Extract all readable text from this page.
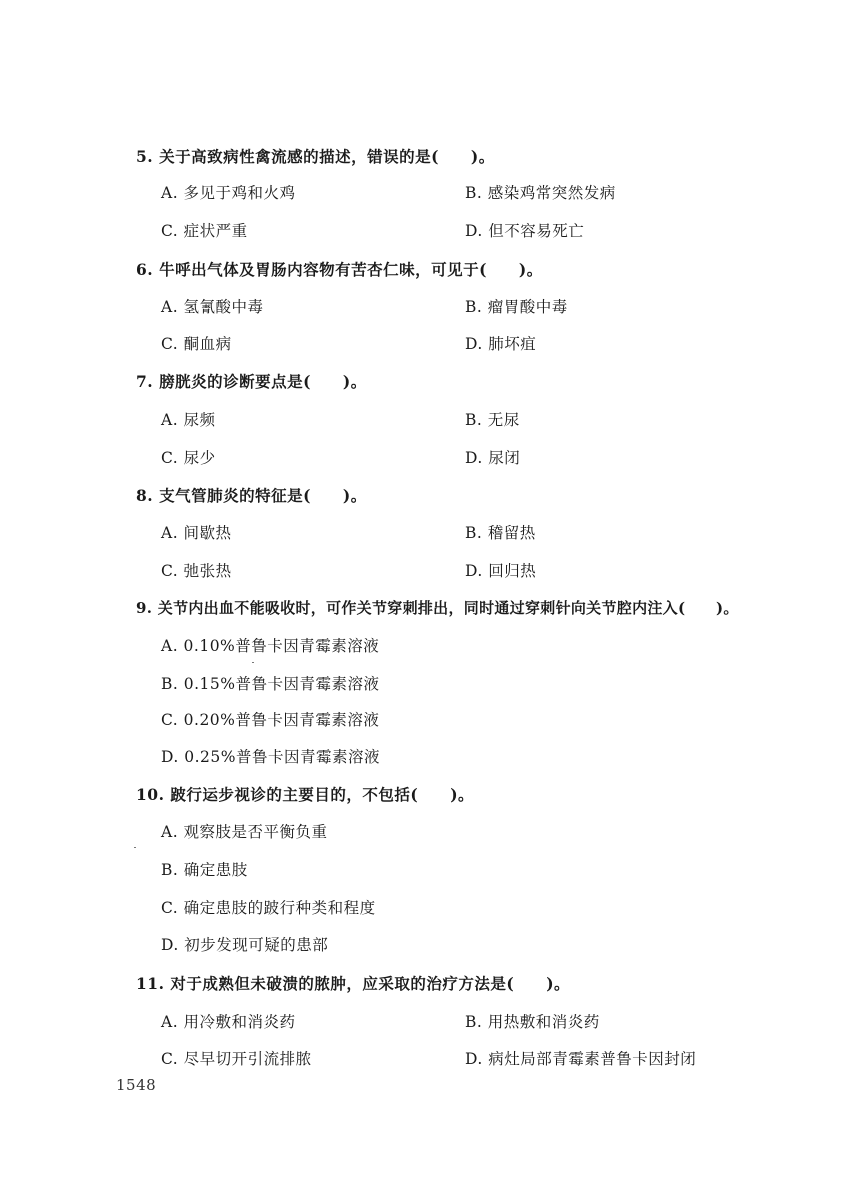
5. 关于高致病性禽流感的描述，错误的是(　　)。
A. 多见于鸡和火鸡	B. 感染鸡常突然发病
C. 症状严重	D. 但不容易死亡
6. 牛呼出气体及胃肠内容物有苦杏仁味，可见于(　　)。
A. 氢氰酸中毒	B. 瘤胃酸中毒
C. 酮血病	D. 肺坏疽
7. 膀胱炎的诊断要点是(　　)。
A. 尿频	B. 无尿
C. 尿少	D. 尿闭
8. 支气管肺炎的特征是(　　)。
A. 间歇热	B. 稽留热
C. 弛张热	D. 回归热
9. 关节内出血不能吸收时，可作关节穿刺排出，同时通过穿刺针向关节腔内注入(　　)。
A. 0.10%普鲁卡因青霉素溶液
B. 0.15%普鲁卡因青霉素溶液
C. 0.20%普鲁卡因青霉素溶液
D. 0.25%普鲁卡因青霉素溶液
10. 跛行运步视诊的主要目的，不包括(　　)。
A. 观察肢是否平衡负重
B. 确定患肢
C. 确定患肢的跛行种类和程度
D. 初步发现可疑的患部
11. 对于成熟但未破溃的脓肿，应采取的治疗方法是(　　)。
A. 用冷敷和消炎药	B. 用热敷和消炎药
C. 尽早切开引流排脓	D. 病灶局部青霉素普鲁卡因封闭
1548
